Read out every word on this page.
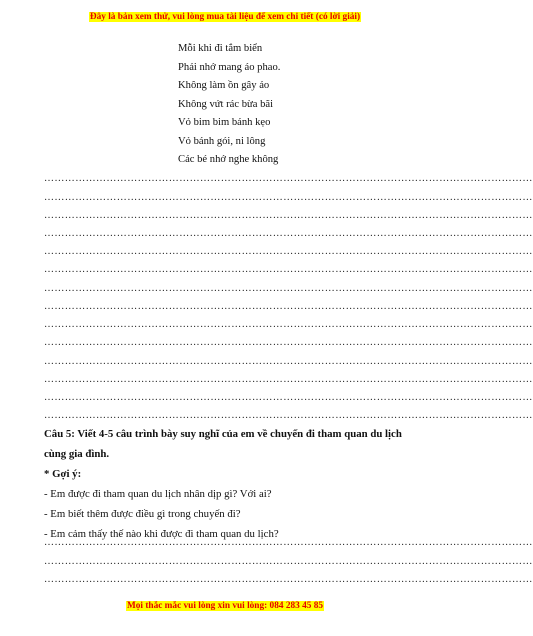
Đây là bản xem thử, vui lòng mua tài liệu để xem chi tiết (có lời giải)
Mỗi khi đi tắm biển
Phải nhớ mang áo phao.
Không làm ồn gây ảo
Không vứt rác bừa bãi
Vỏ bim bim bánh kẹo
Vỏ bánh gói, ni lông
Các bé nhớ nghe không
……………………………………………………………………………………………………………………………
……………………………………………………………………………………………………………………………
……………………………………………………………………………………………………………………………
……………………………………………………………………………………………………………………………
……………………………………………………………………………………………………………………………
……………………………………………………………………………………………………………………………
……………………………………………………………………………………………………………………………
……………………………………………………………………………………………………………………………
……………………………………………………………………………………………………………………………
……………………………………………………………………………………………………………………………
……………………………………………………………………………………………………………………………
……………………………………………………………………………………………………………………………
……………………………………………………………………………………………………………………………
……………………………………………………………………………………………………………………………
Câu 5: Viết 4-5 câu trình bày suy nghĩ của em về chuyến đi tham quan du lịch
cùng gia đình.
* Gợi ý:
- Em được đi tham quan du lịch nhân dịp gì? Với ai?
- Em biết thêm được điều gì trong chuyến đi?
- Em cảm thấy thế nào khi được đi tham quan du lịch?
……………………………………………………………………………………………………………………………
……………………………………………………………………………………………………………………………
……………………………………………………………………………………………………………………………
Mọi thắc mắc vui lòng xin vui lòng: 084 283 45 85
